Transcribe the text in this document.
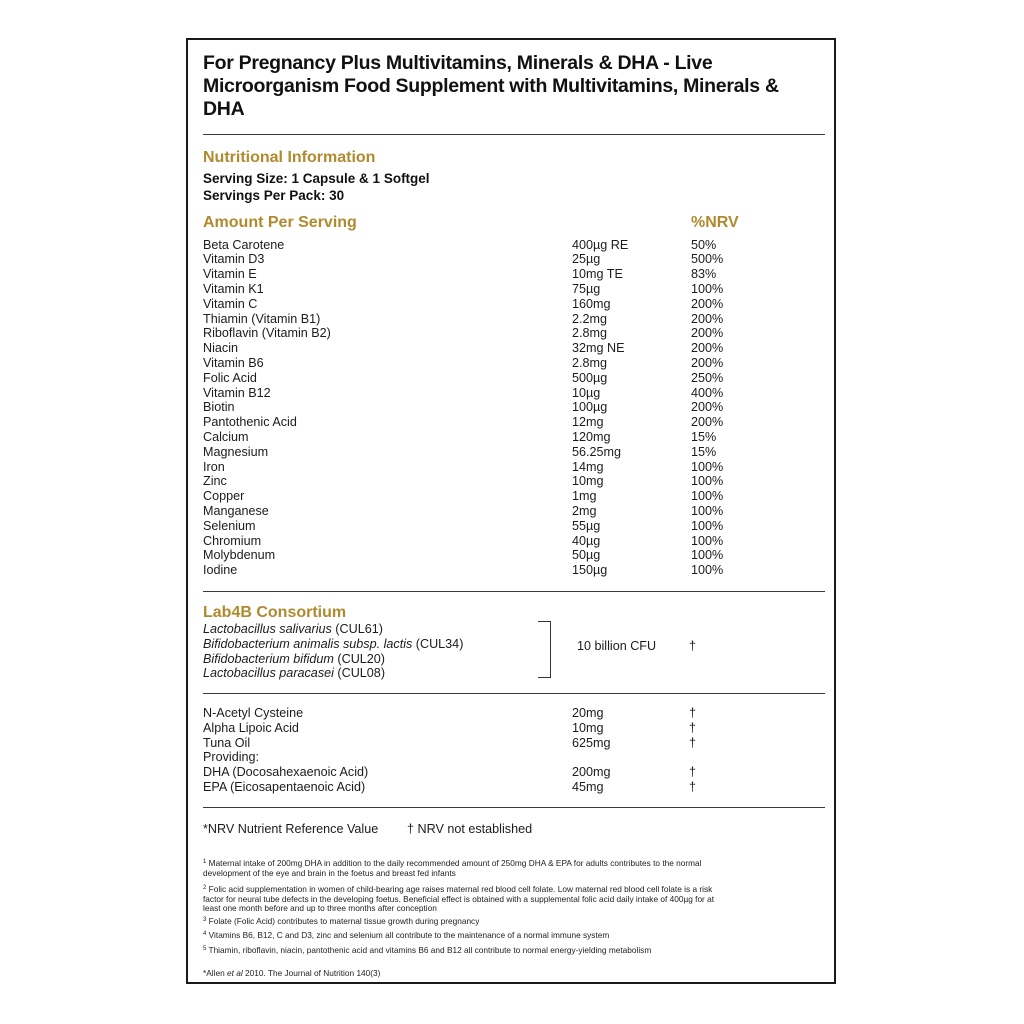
For Pregnancy Plus Multivitamins, Minerals & DHA - Live Microorganism Food Supplement with Multivitamins, Minerals & DHA
Nutritional Information
Serving Size: 1 Capsule & 1 Softgel
Servings Per Pack: 30
Amount Per Serving	%NRV
Beta Carotene	400µg RE	50%
Vitamin D3	25µg	500%
Vitamin E	10mg TE	83%
Vitamin K1	75µg	100%
Vitamin C	160mg	200%
Thiamin (Vitamin B1)	2.2mg	200%
Riboflavin (Vitamin B2)	2.8mg	200%
Niacin	32mg NE	200%
Vitamin B6	2.8mg	200%
Folic Acid	500µg	250%
Vitamin B12	10µg	400%
Biotin	100µg	200%
Pantothenic Acid	12mg	200%
Calcium	120mg	15%
Magnesium	56.25mg	15%
Iron	14mg	100%
Zinc	10mg	100%
Copper	1mg	100%
Manganese	2mg	100%
Selenium	55µg	100%
Chromium	40µg	100%
Molybdenum	50µg	100%
Iodine	150µg	100%
Lab4B Consortium
Lactobacillus salivarius (CUL61)
Bifidobacterium animalis subsp. lactis (CUL34)
Bifidobacterium bifidum (CUL20)
Lactobacillus paracasei (CUL08)
10 billion CFU	†
N-Acetyl Cysteine	20mg	†
Alpha Lipoic Acid	10mg	†
Tuna Oil	625mg	†
Providing:
DHA (Docosahexaenoic Acid)	200mg	†
EPA (Eicosapentaenoic Acid)	45mg	†
*NRV Nutrient Reference Value † NRV not established
$^1$ Maternal intake of 200mg DHA in addition to the daily recommended amount of 250mg DHA & EPA for adults contributes to the normal development of the eye and brain in the foetus and breast fed infants
$^2$ Folic acid supplementation in women of child-bearing age raises maternal red blood cell folate. Low maternal red blood cell folate is a risk factor for neural tube defects in the developing foetus. Beneficial effect is obtained with a supplemental folic acid daily intake of 400µg for at least one month before and up to three months after conception
$^3$ Folate (Folic Acid) contributes to maternal tissue growth during pregnancy
$^4$ Vitamins B6, B12, C and D3, zinc and selenium all contribute to the maintenance of a normal immune system
$^5$ Thiamin, riboflavin, niacin, pantothenic acid and vitamins B6 and B12 all contribute to normal energy-yielding metabolism
*Allen et al 2010. The Journal of Nutrition 140(3)
